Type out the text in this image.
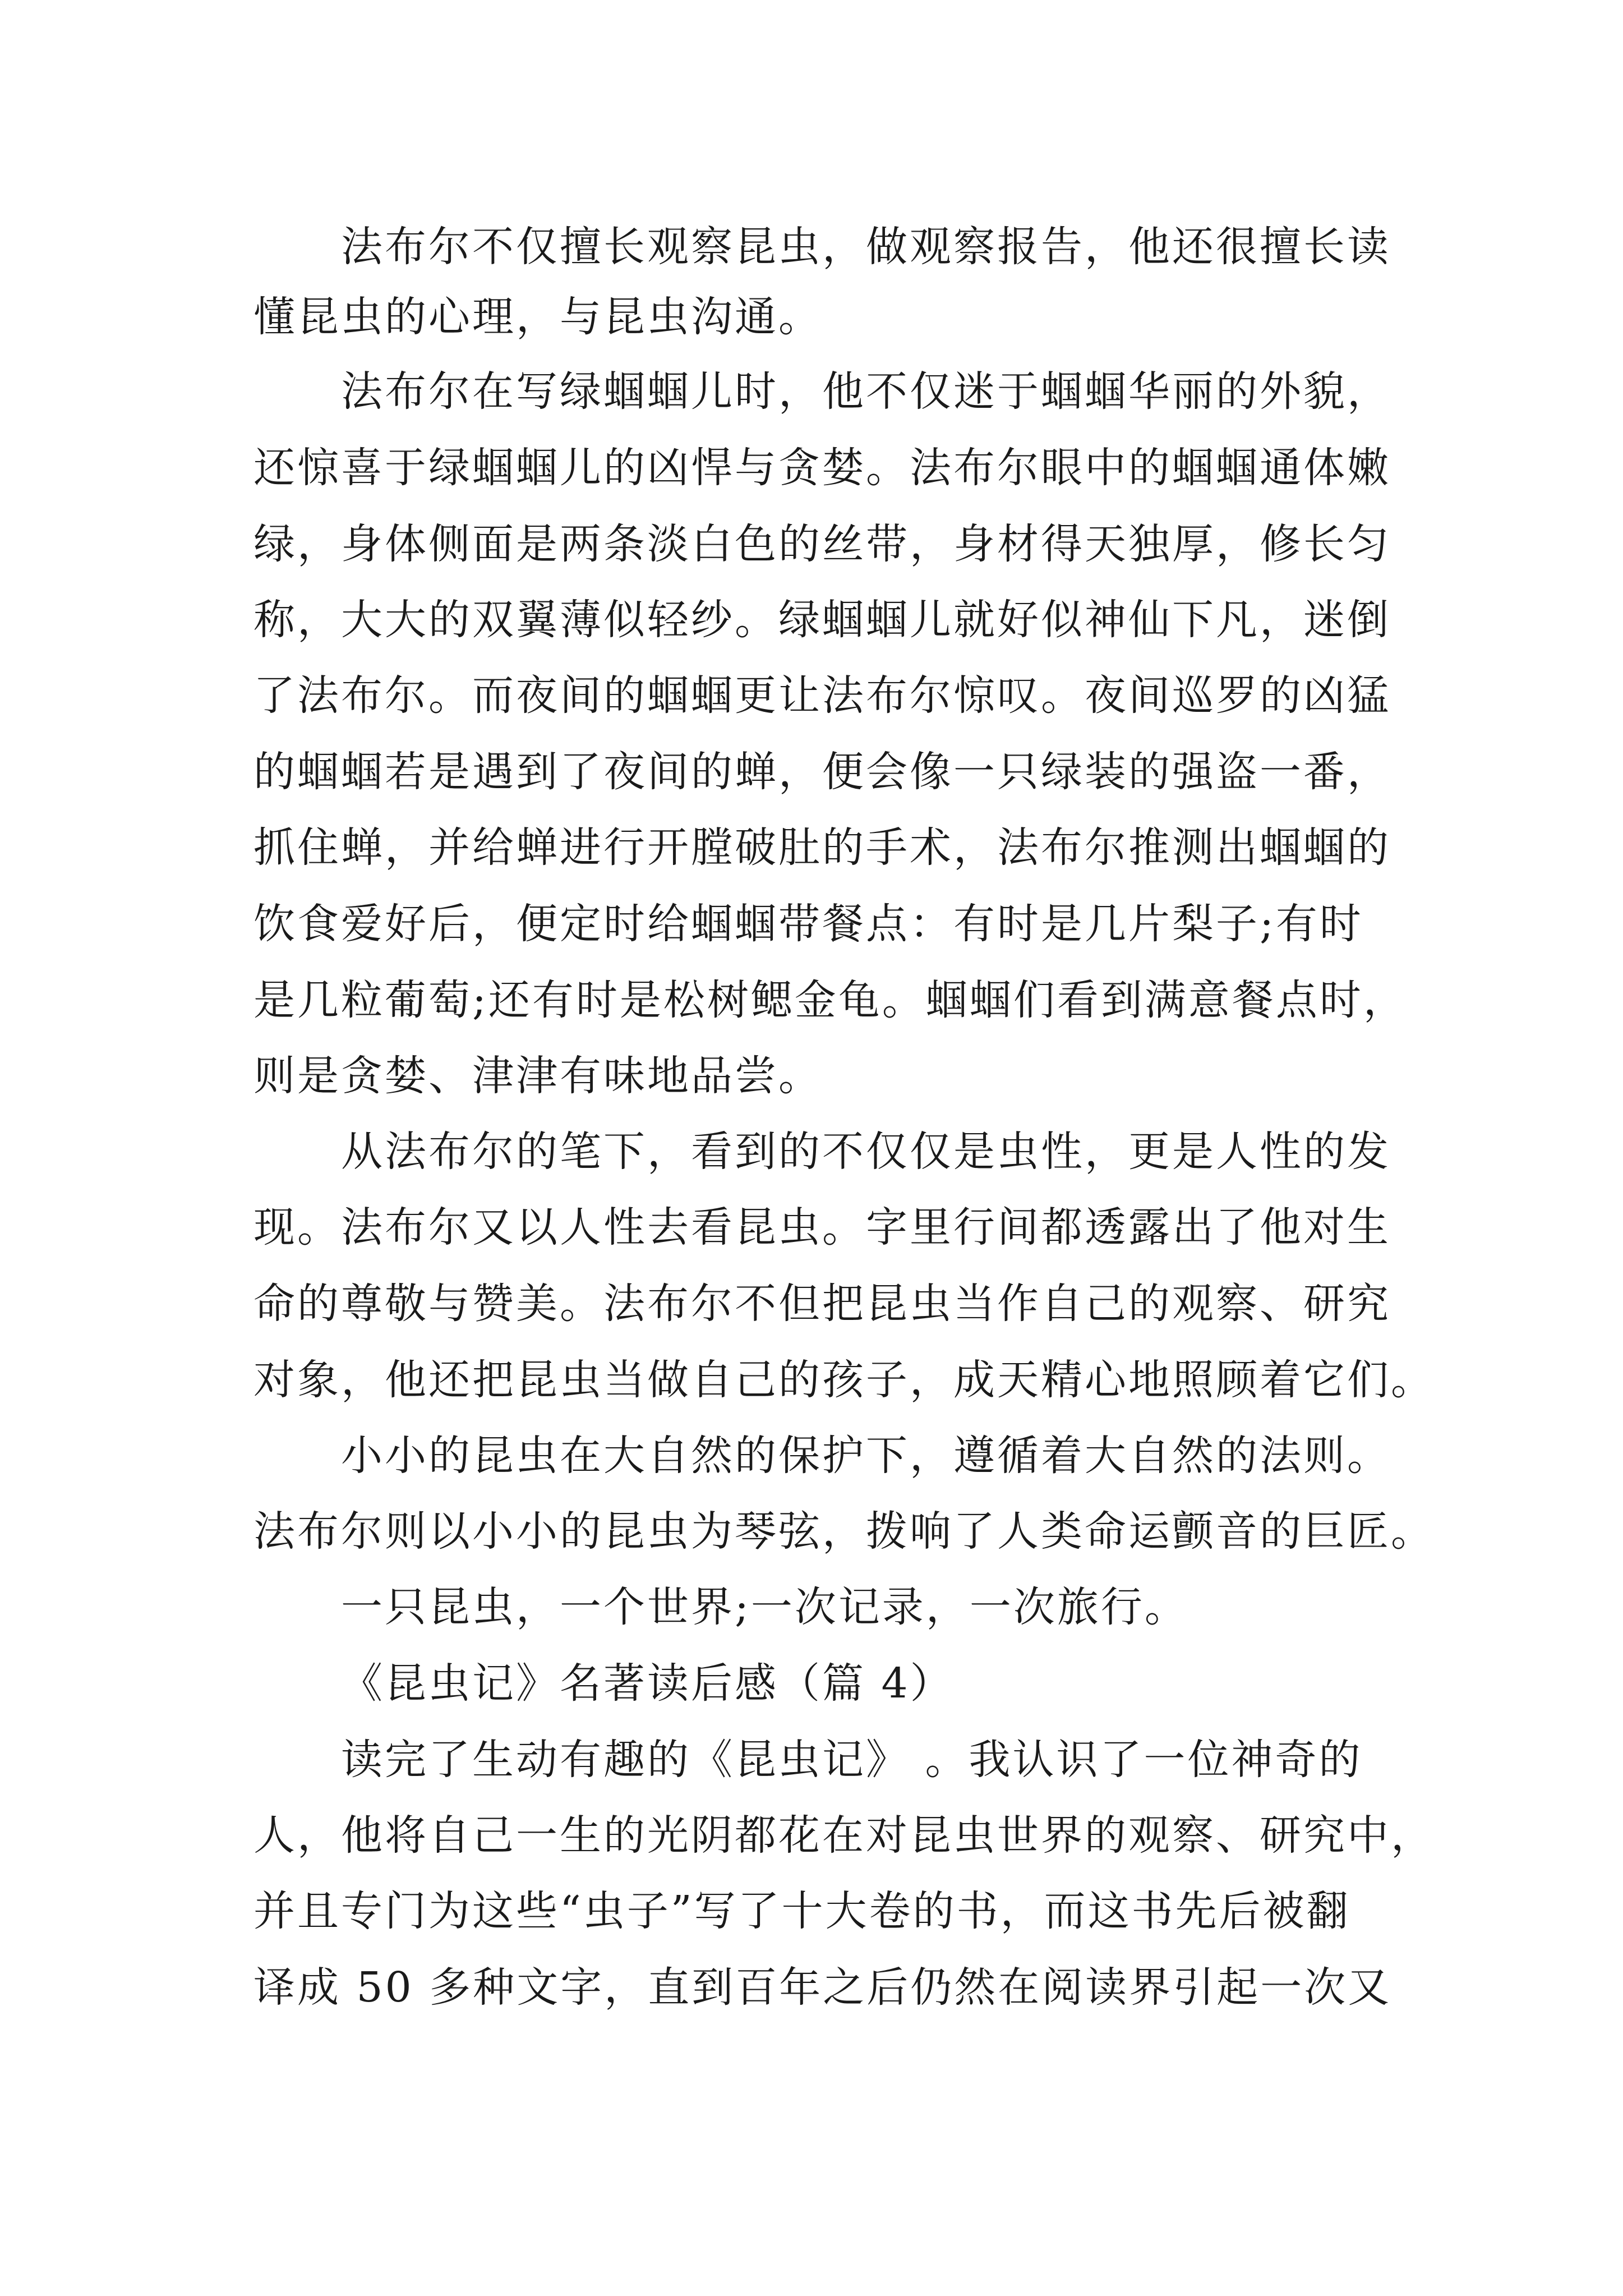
法布尔不仅擅长观察昆虫，做观察报告，他还很擅长读
懂昆虫的心理，与昆虫沟通。
法布尔在写绿蝈蝈儿时，他不仅迷于蝈蝈华丽的外貌，
还惊喜于绿蝈蝈儿的凶悍与贪婪。法布尔眼中的蝈蝈通体嫩
绿，身体侧面是两条淡白色的丝带，身材得天独厚，修长匀
称，大大的双翼薄似轻纱。绿蝈蝈儿就好似神仙下凡，迷倒
了法布尔。而夜间的蝈蝈更让法布尔惊叹。夜间巡罗的凶猛
的蝈蝈若是遇到了夜间的蝉，便会像一只绿装的强盗一番，
抓住蝉，并给蝉进行开膛破肚的手术，法布尔推测出蝈蝈的
饮食爱好后，便定时给蝈蝈带餐点：有时是几片梨子;有时
是几粒葡萄;还有时是松树鳃金龟。蝈蝈们看到满意餐点时，
则是贪婪、津津有味地品尝。
从法布尔的笔下，看到的不仅仅是虫性，更是人性的发
现。法布尔又以人性去看昆虫。字里行间都透露出了他对生
命的尊敬与赞美。法布尔不但把昆虫当作自己的观察、研究
对象，他还把昆虫当做自己的孩子，成天精心地照顾着它们。
小小的昆虫在大自然的保护下，遵循着大自然的法则。
法布尔则以小小的昆虫为琴弦，拨响了人类命运颤音的巨匠。
一只昆虫，一个世界;一次记录，一次旅行。
《昆虫记》名著读后感（篇 4）
读完了生动有趣的《昆虫记》 。我认识了一位神奇的
人，他将自己一生的光阴都花在对昆虫世界的观察、研究中，
并且专门为这些“虫子”写了十大卷的书，而这书先后被翻
译成 50 多种文字，直到百年之后仍然在阅读界引起一次又
